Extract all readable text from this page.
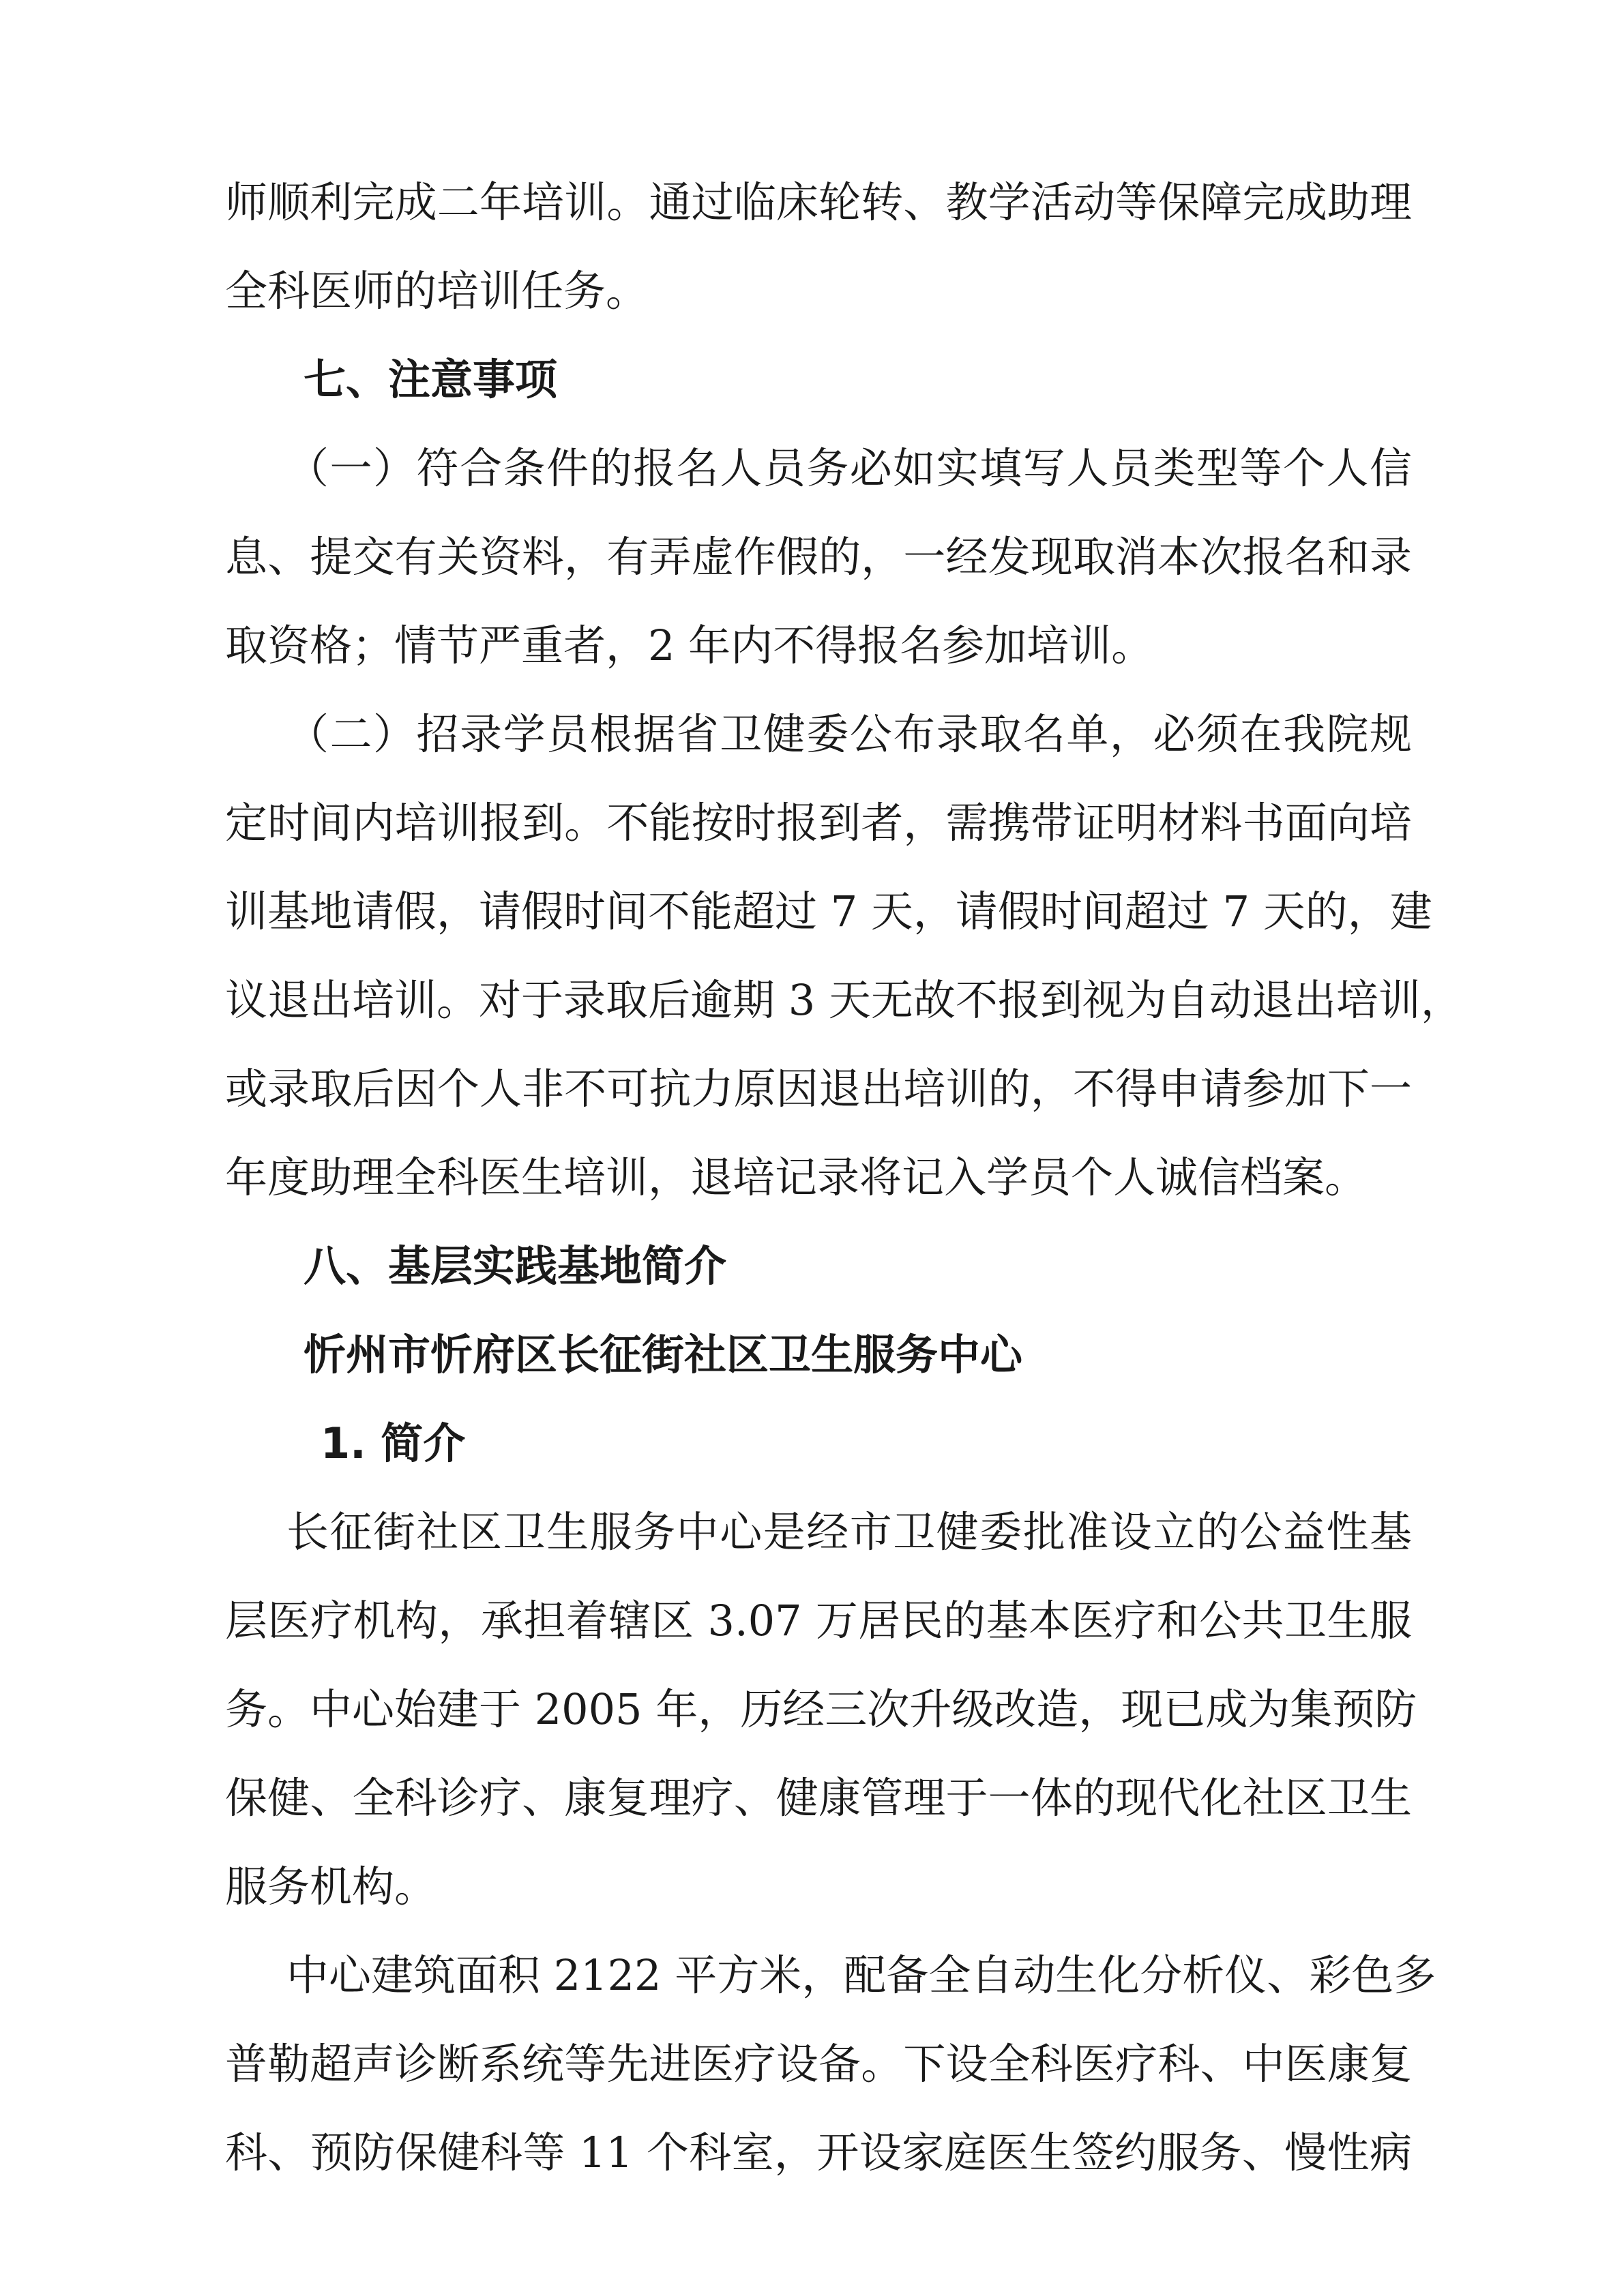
师顺利完成二年培训。通过临床轮转、教学活动等保障完成助理

全科医师的培训任务。

七、注意事项

（一）符合条件的报名人员务必如实填写人员类型等个人信

息、提交有关资料，有弄虚作假的，一经发现取消本次报名和录

取资格；情节严重者，2 年内不得报名参加培训。

（二）招录学员根据省卫健委公布录取名单，必须在我院规

定时间内培训报到。不能按时报到者，需携带证明材料书面向培

训基地请假，请假时间不能超过 7 天，请假时间超过 7 天的，建

议退出培训。对于录取后逾期 3 天无故不报到视为自动退出培训，

或录取后因个人非不可抗力原因退出培训的，不得申请参加下一

年度助理全科医生培训，退培记录将记入学员个人诚信档案。

八、基层实践基地简介

忻州市忻府区长征街社区卫生服务中心

1. 简介

长征街社区卫生服务中心是经市卫健委批准设立的公益性基

层医疗机构，承担着辖区 3.07 万居民的基本医疗和公共卫生服

务。中心始建于 2005 年，历经三次升级改造，现已成为集预防

保健、全科诊疗、康复理疗、健康管理于一体的现代化社区卫生

服务机构。

中心建筑面积 2122 平方米，配备全自动生化分析仪、彩色多

普勒超声诊断系统等先进医疗设备。下设全科医疗科、中医康复

科、预防保健科等 11 个科室，开设家庭医生签约服务、慢性病
